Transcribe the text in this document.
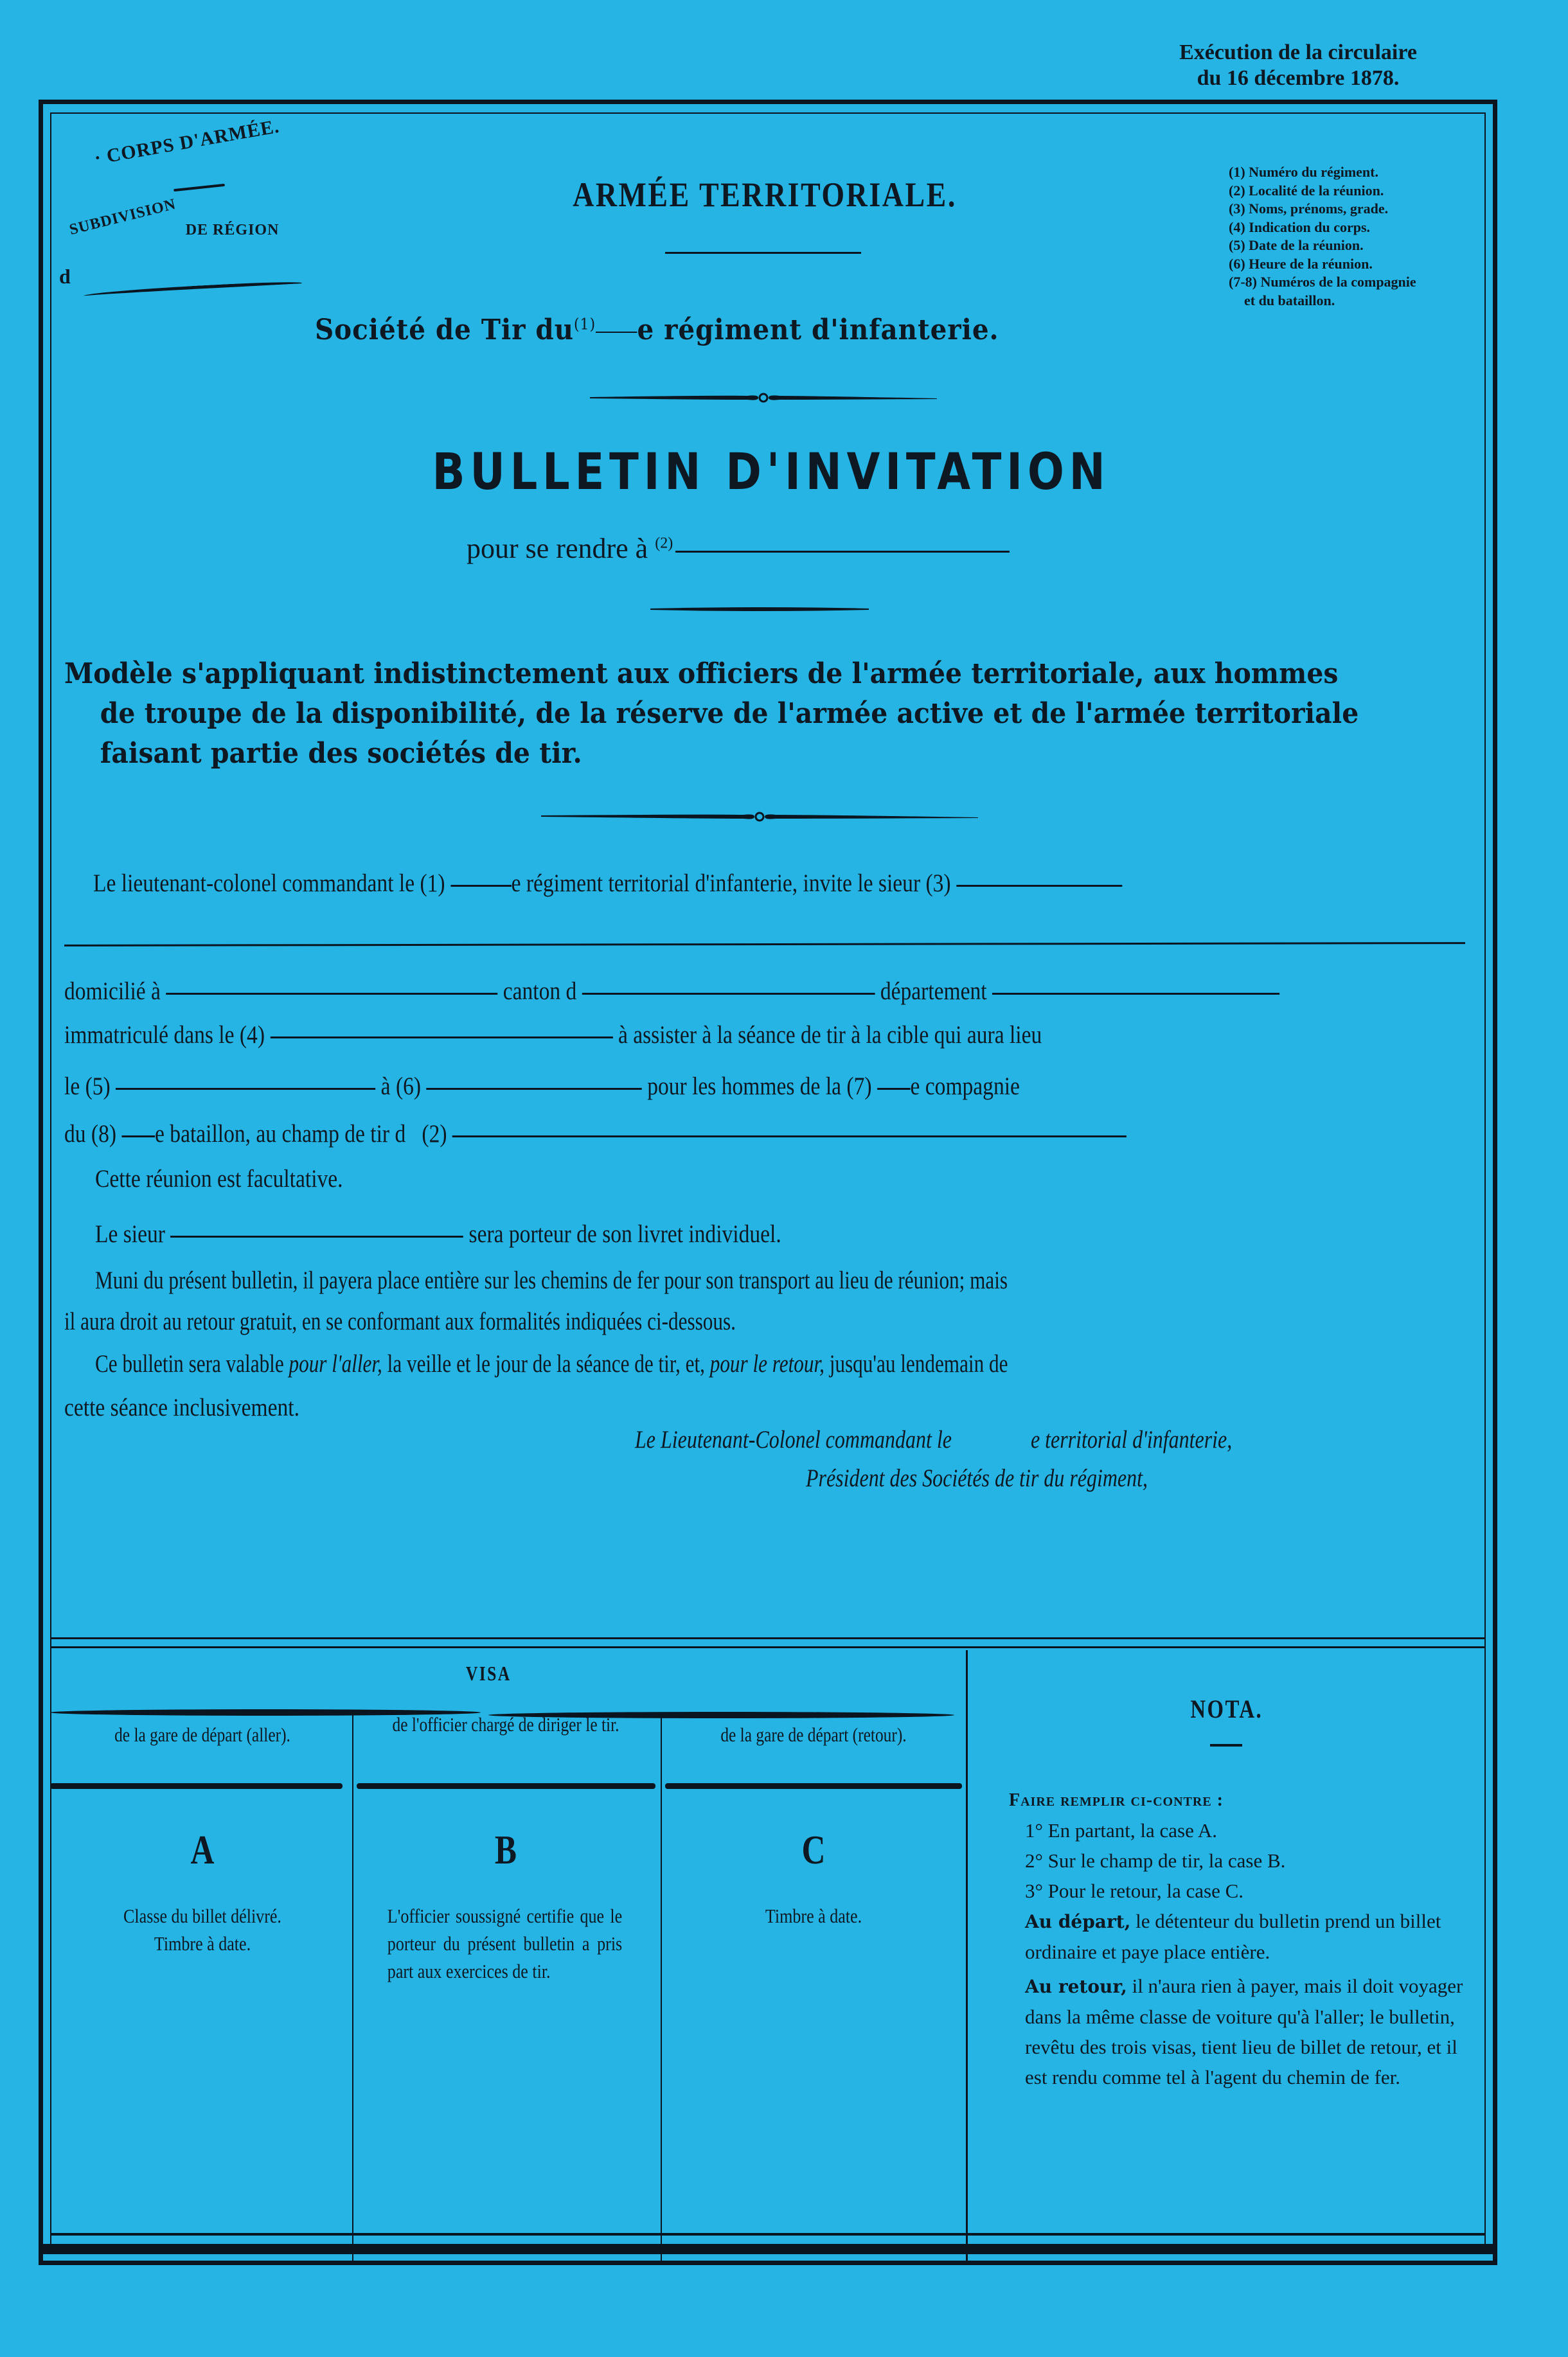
Exécution de la circulaire
du 16 décembre 1878.
· CORPS D'ARMÉE.
SUBDIVISION DE RÉGION
d
ARMÉE TERRITORIALE.
Société de Tir $du^{(1)}$ e régiment d'infanterie.
(1) Numéro du régiment.
(2) Localité de la réunion.
(3) Noms, prénoms, grade.
(4) Indication du corps.
(5) Date de la réunion.
(6) Heure de la réunion.
(7-8) Numéros de la compagnie
et du bataillon.
BULLETIN D'INVITATION
pour se rendre à $^{(2)}$
Modèle s'appliquant indistinctement aux officiers de l'armée territoriale, aux hommes
de troupe de la disponibilité, de la réserve de l'armée active et de l'armée territoriale
faisant partie des sociétés de tir.
Le lieutenant-colonel commandant le (1)	e régiment territorial d'infanterie, invite le sieur (3)
domicilié à	canton d	département
immatriculé dans le (4)	à assister à la séance de tir à la cible qui aura lieu
le (5)	à (6)	pour les hommes de la (7) e compagnie
du (8) e bataillon, au champ de tir d (2)
Cette réunion est facultative.
Le sieur	sera porteur de son livret individuel.
Muni du présent bulletin, il payera place entière sur les chemins de fer pour son transport au lieu de réunion; mais
il aura droit au retour gratuit, en se conformant aux formalités indiquées ci-dessous.
Ce bulletin sera valable pour l'aller, la veille et le jour de la séance de tir, et, pour le retour, jusqu'au lendemain de
cette séance inclusivement.
Le Lieutenant-Colonel commandant le	e territorial d'infanterie,
Président des Sociétés de tir du régiment,
VISA
de la gare de départ (aller).
A
Classe du billet délivré.
Timbre à date.
de l'officier chargé de diriger le tir.
B
L'officier soussigné certifie que le porteur du présent bulletin a pris part aux exercices de tir.
de la gare de départ (retour).
C
Timbre à date.
NOTA.

Faire remplir ci-contre :

1° En partant, la case A.

2° Sur le champ de tir, la case B.

3° Pour le retour, la case C.

Au départ, le détenteur du bulletin prend un billet ordinaire et paye place entière.

Au retour, il n'aura rien à payer, mais il doit voyager dans la même classe de voiture qu'à l'aller; le bulletin, revêtu des trois visas, tient lieu de billet de retour, et il est rendu comme tel à l'agent du chemin de fer.
